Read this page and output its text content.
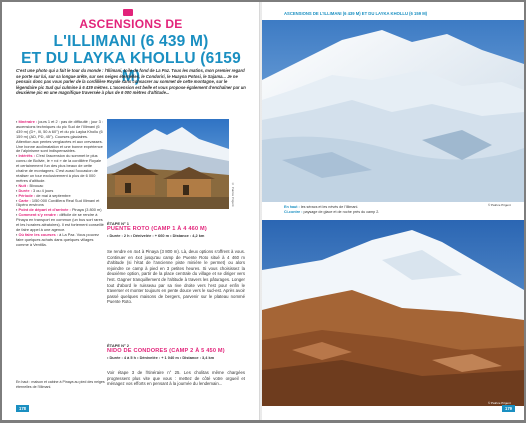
ASCENSIONS DE
L'ILLIMANI (6 439 M)
ET DU LAYKA KHOLLU (6159 M)
C'est une photo qui a fait le tour du monde : l'Illimani, toile de fond de La Paz. Tous les matins, mon premier regard se porte sur lui, sur sa longue arête, sur ses neiges éternelles, le Condoriri, le Huayna Potosi, le Sajama... Je ne pensais donc pas vous parler de la cordillère Royale sans consacrer au sommet de cette montagne, sur le légendaire pic Sud qui culmine à 6 439 mètres. L'ascension est belle et vous propose également d'enchaîner par un deuxième pic en une magnifique traversée à plus de 6 000 mètres d'altitude...

▪ Itinéraire : jours 1 et 2 : pas de difficulté ; jour 3 : ascensions techniques du pic Sud de l'Illimani (6 439 m) (D+, III, 50 à 60°) et du pic Layka Khollu (6 159 m) (AD, PD, 45°). Courses glaciaires. Attention aux pentes verglacées et aux crevasses. Une bonne acclimatation et une bonne expérience de l'alpinisme sont indispensables.

▪ Intérêts : C'est l'ascension du sommet le plus connu de Bolivie, le « roi » de la cordillère Royale et certainement l'un des plus beaux de cette chaîne de montagnes. C'est aussi l'occasion de réaliser un tour exclusivement à plus de 6 000 mètres d'altitude.

▪ Nuit : Bivouac

▪ Durée : 3 ou 4 jours

▪ Période : de mai à septembre

▪ Carte : 1/50 000 Cordillera Real Sud Illimani et l'Apéro environs

▪ Point de départ et d'arrivée : Pinaya (3 800 m)

▪ Comment s'y rendre : difficile de se rendre à Pinaya en transport en commun (un bus sort rares et les horaires aléatoires). Il est fortement conseillé de faire appel à une agence.

▪ Où faire les courses : à La Paz. Vous pouvez faire quelques achats dans quelques villages comme à Ventilla.

© Patrice Prigent
ÉTAPE N° 1
PUENTE ROTO (CAMP 1 À 4 460 M)
• Durée : 2 h • Dénivelée : + 660 m • Distance : 4,2 km
Se rendre en 4x4 à Pinaya (3 800 m). Là, deux options s'offrent à vous. Continuer en 4x4 jusqu'au camp de Puente Roto situé à 4 460 m d'altitude (si l'état de l'ancienne piste minière le permet) ou alors rejoindre ce camp à pied en 3 petites heures. Si vous choisissez la deuxième option, partir de la place centrale du village et se diriger vers l'est. Gagner tranquillement de l'altitude à travers les pâturages. Longer tout d'abord le ruisseau par sa rive droite vers l'est pour enfin le traverser et monter toujours en pente douce vers le sud-est. Après avoir passé quelques maisons de bergers, parvenir sur le plateau nommé Puente Roto.
ÉTAPE N° 2
NIDO DE CONDORES (CAMP 2 À 5 450 M)
• Durée : 4 à 5 h • Dénivelée : + 1 040 m • Distance : 3,4 km
Voir étape 3 de l'itinéraire n° 25. Les cholitas même chargées progressent plus vite que vous : mettez de côté votre orgueil et ménagez vos efforts en pensant à la journée du lendemain...
En haut : maison et cabine à Pinaya au pied des neiges éternelles de l'Illimani.
178
ASCENSIONS DE L'ILLIMANI (6 439 M) ET DU LAYKA KHOLLU (6 159 M)
© Patrice Prigent
En haut : les séracs et les névés de l'Illimani.
Ci-contre : paysage de glace et de roche près du camp 2.
© Patrice Prigent
179
